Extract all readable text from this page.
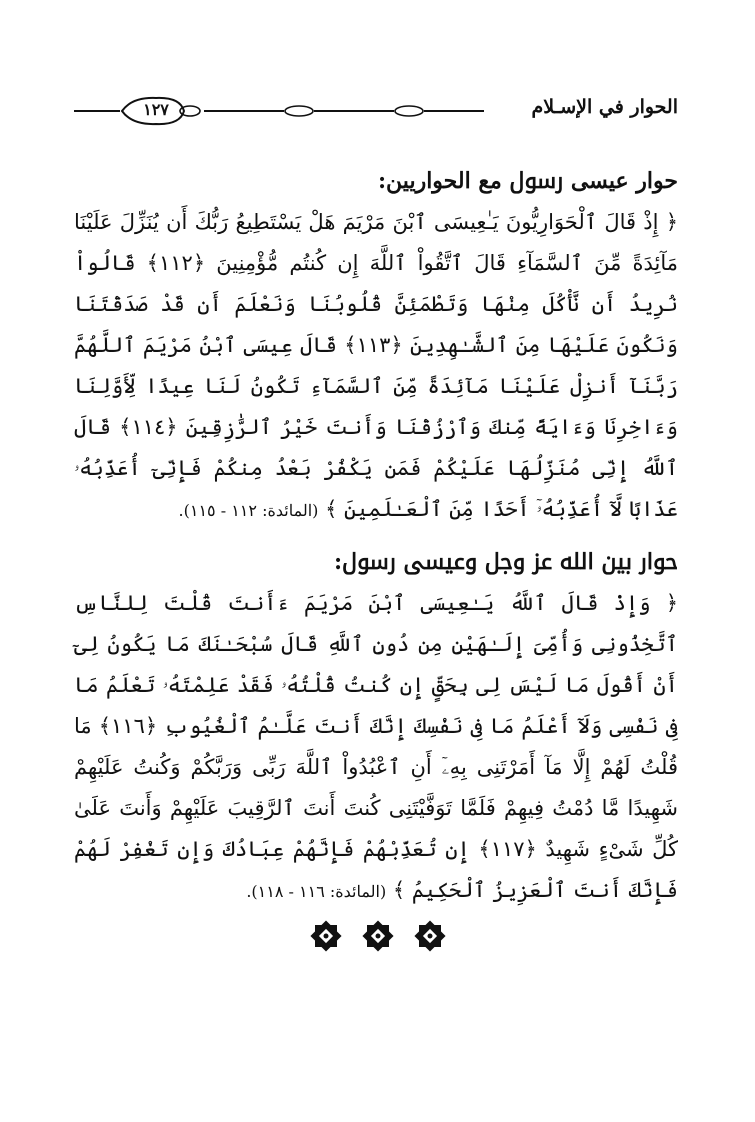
الحوار في الإسـلام
١٢٧
حوار عيسى ﷶ مع الحواريين:

﴿ إِذْ قَالَ ٱلْحَوَارِيُّونَ يَـٰعِيسَى ٱبْنَ مَرْيَمَ هَلْ يَسْتَطِيعُ رَبُّكَ أَن يُنَزِّلَ عَلَيْنَا مَآئِدَةً مِّنَ ٱلسَّمَآءِ قَالَ ٱتَّقُواْ ٱللَّهَ إِن كُنتُم مُّؤْمِنِينَ ﴿١١٢﴾ قَالُواْ نُرِيدُ أَن نَّأْكُلَ مِنْهَا وَتَطْمَئِنَّ قُلُوبُنَا وَنَعْلَمَ أَن قَدْ صَدَقْتَنَا وَنَكُونَ عَلَيْهَا مِنَ ٱلشَّـٰهِدِينَ ﴿١١٣﴾ قَالَ عِيسَى ٱبْنُ مَرْيَمَ ٱللَّهُمَّ رَبَّنَآ أَنزِلْ عَلَيْنَا مَآئِدَةً مِّنَ ٱلسَّمَآءِ تَكُونُ لَنَا عِيدًا لِّأَوَّلِنَا وَءَاخِرِنَا وَءَايَةً مِّنكَ وَٱرْزُقْنَا وَأَنتَ خَيْرُ ٱلرَّٰزِقِينَ ﴿١١٤﴾ قَالَ ٱللَّهُ إِنِّى مُنَزِّلُهَا عَلَيْكُمْ فَمَن يَكْفُرْ بَعْدُ مِنكُمْ فَإِنِّىٓ أُعَذِّبُهُۥ عَذَابًا لَّآ أُعَذِّبُهُۥٓ أَحَدًا مِّنَ ٱلْعَـٰلَمِينَ ﴾ (المائدة: ١١٢ - ١١٥).

حوار بين الله عز وجل وعيسى ﷶ:

﴿ وَإِذْ قَالَ ٱللَّهُ يَـٰعِيسَى ٱبْنَ مَرْيَمَ ءَأَنتَ قُلْتَ لِلنَّاسِ ٱتَّخِذُونِى وَأُمِّىَ إِلَـٰهَيْنِ مِن دُونِ ٱللَّهِ قَالَ سُبْحَـٰنَكَ مَا يَكُونُ لِىٓ أَنْ أَقُولَ مَا لَيْسَ لِى بِحَقٍّ إِن كُنتُ قُلْتُهُۥ فَقَدْ عَلِمْتَهُۥ تَعْلَمُ مَا فِى نَفْسِى وَلَآ أَعْلَمُ مَا فِى نَفْسِكَ إِنَّكَ أَنتَ عَلَّـٰمُ ٱلْغُيُوبِ ﴿١١٦﴾ مَا قُلْتُ لَهُمْ إِلَّا مَآ أَمَرْتَنِى بِهِۦٓ أَنِ ٱعْبُدُواْ ٱللَّهَ رَبِّى وَرَبَّكُمْ وَكُنتُ عَلَيْهِمْ شَهِيدًا مَّا دُمْتُ فِيهِمْ فَلَمَّا تَوَفَّيْتَنِى كُنتَ أَنتَ ٱلرَّقِيبَ عَلَيْهِمْ وَأَنتَ عَلَىٰ كُلِّ شَىْءٍ شَهِيدٌ ﴿١١٧﴾ إِن تُعَذِّبْهُمْ فَإِنَّهُمْ عِبَادُكَ وَإِن تَغْفِرْ لَهُمْ فَإِنَّكَ أَنتَ ٱلْعَزِيزُ ٱلْحَكِيمُ ﴾ (المائدة: ١١٦ - ١١٨).
